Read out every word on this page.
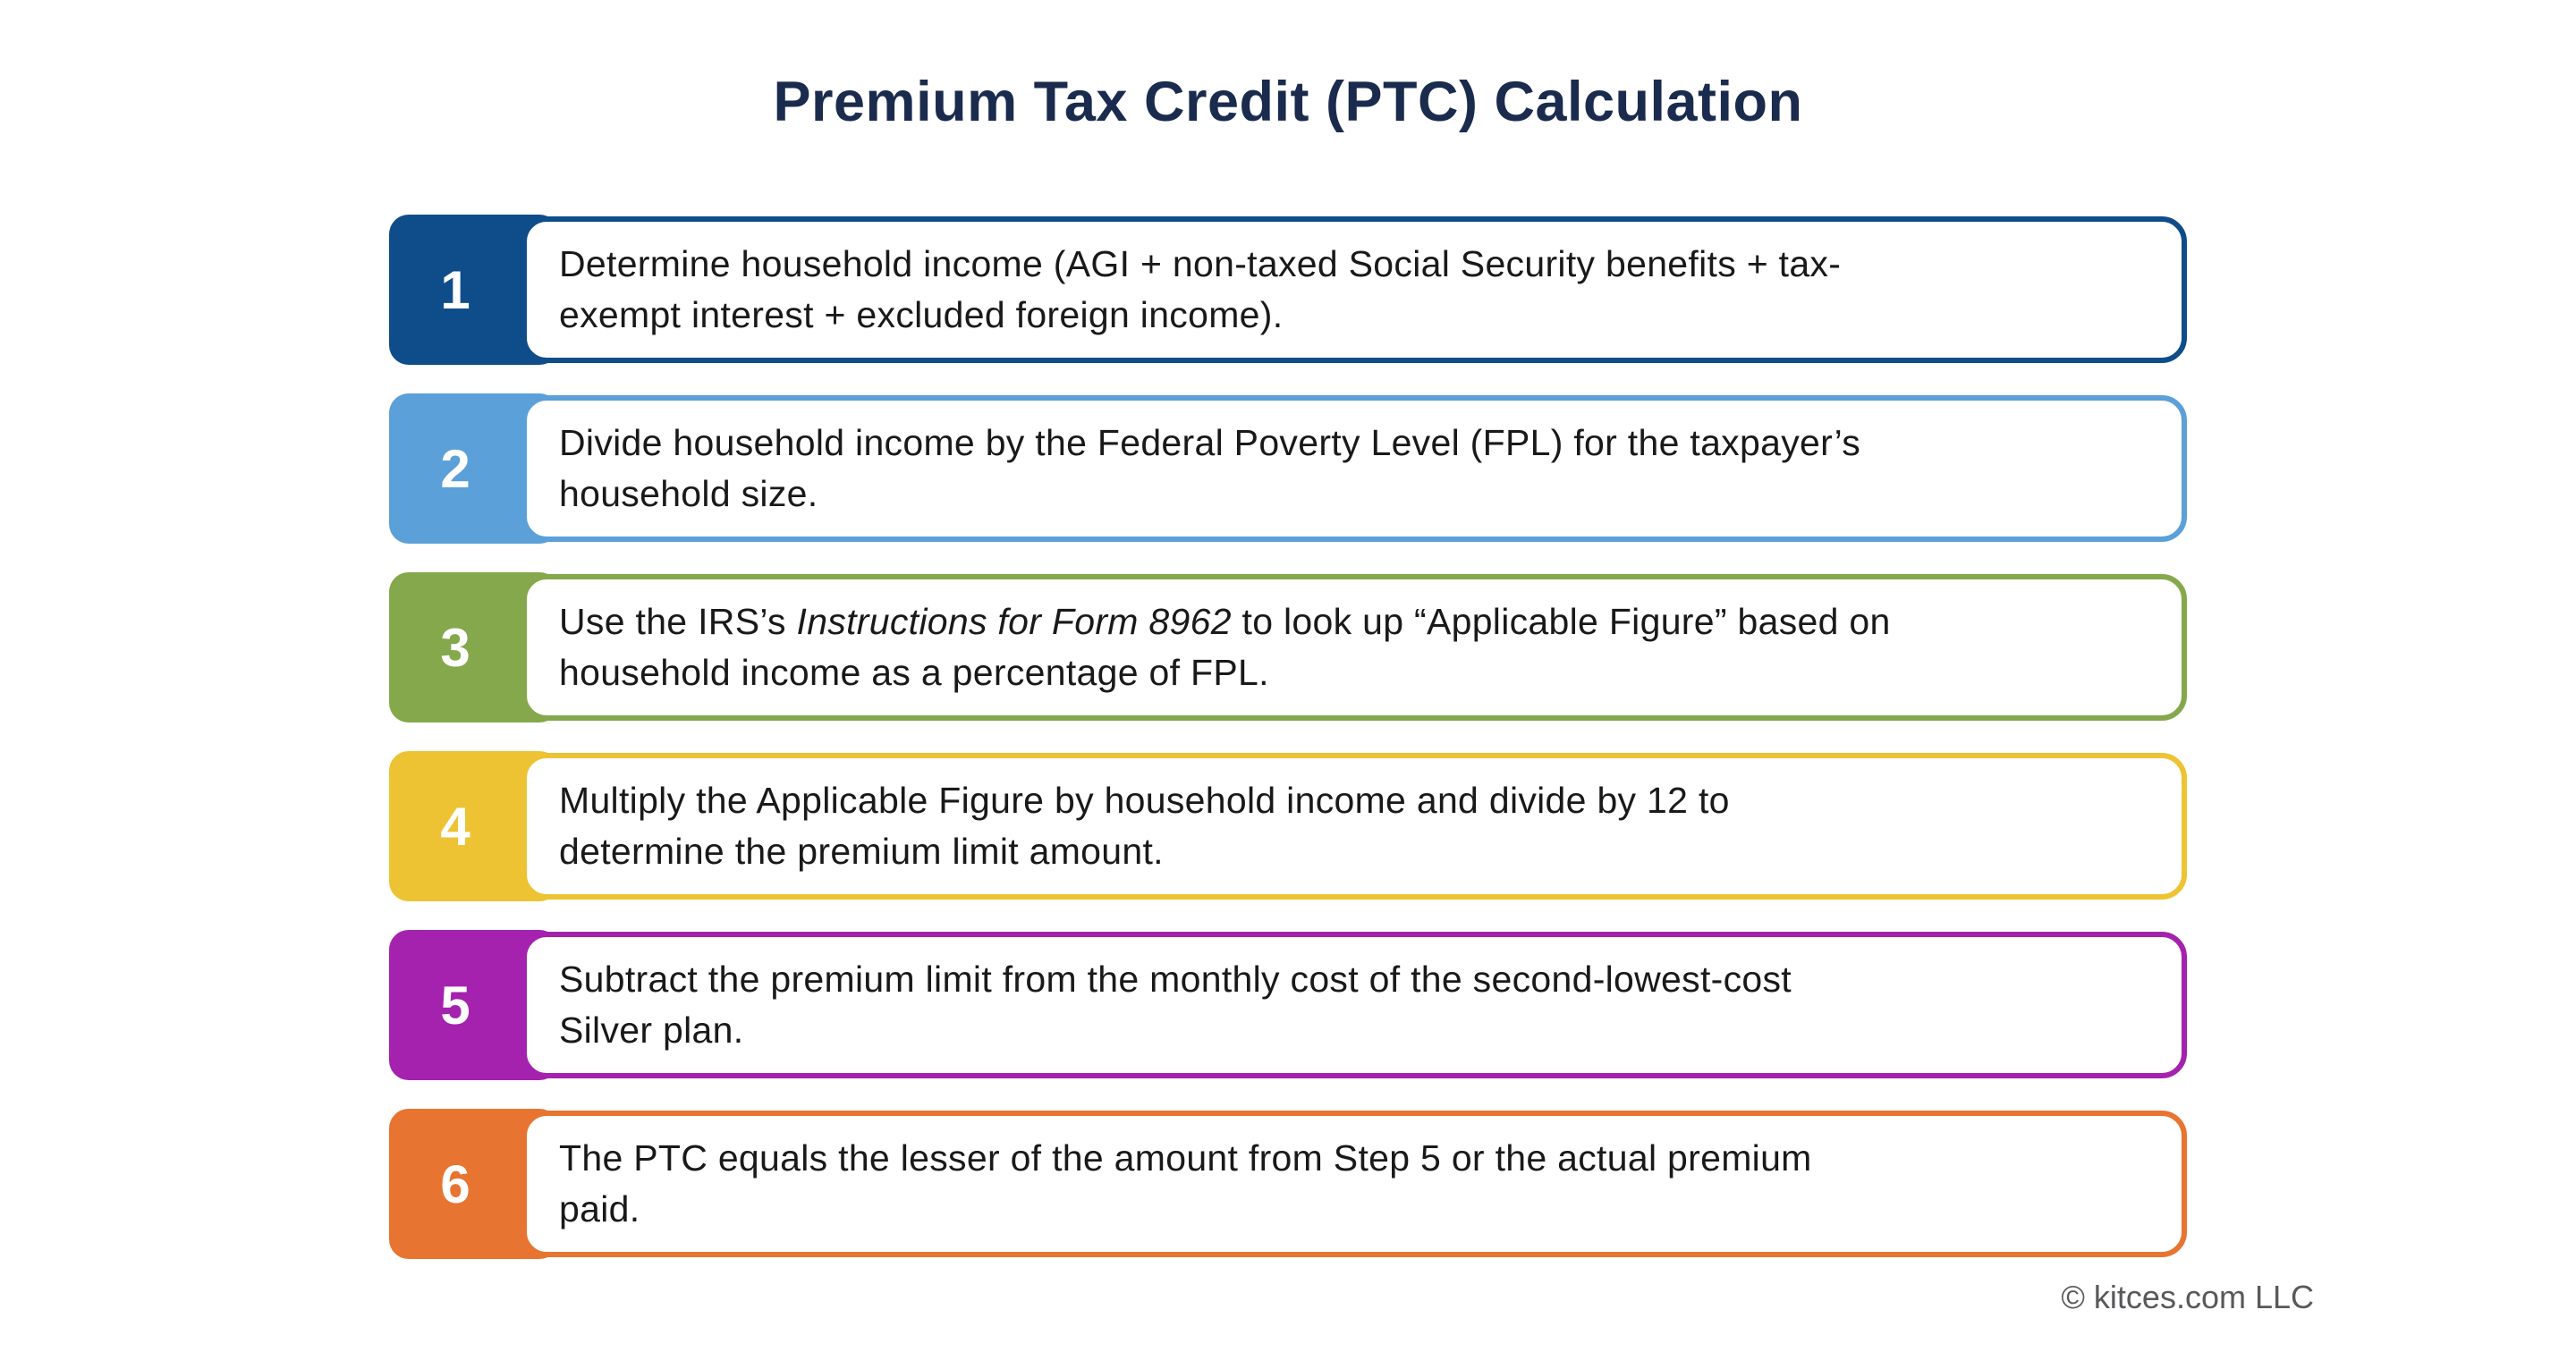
Premium Tax Credit (PTC) Calculation
1 Determine household income (AGI + non-taxed Social Security benefits + tax-
exempt interest + excluded foreign income).
2 Divide household income by the Federal Poverty Level (FPL) for the taxpayer’s
household size.
3 Use the IRS’s Instructions for Form 8962 to look up “Applicable Figure” based on
household income as a percentage of FPL.
4 Multiply the Applicable Figure by household income and divide by 12 to
determine the premium limit amount.
5 Subtract the premium limit from the monthly cost of the second-lowest-cost
Silver plan.
6 The PTC equals the lesser of the amount from Step 5 or the actual premium
paid.
© kitces.com LLC
